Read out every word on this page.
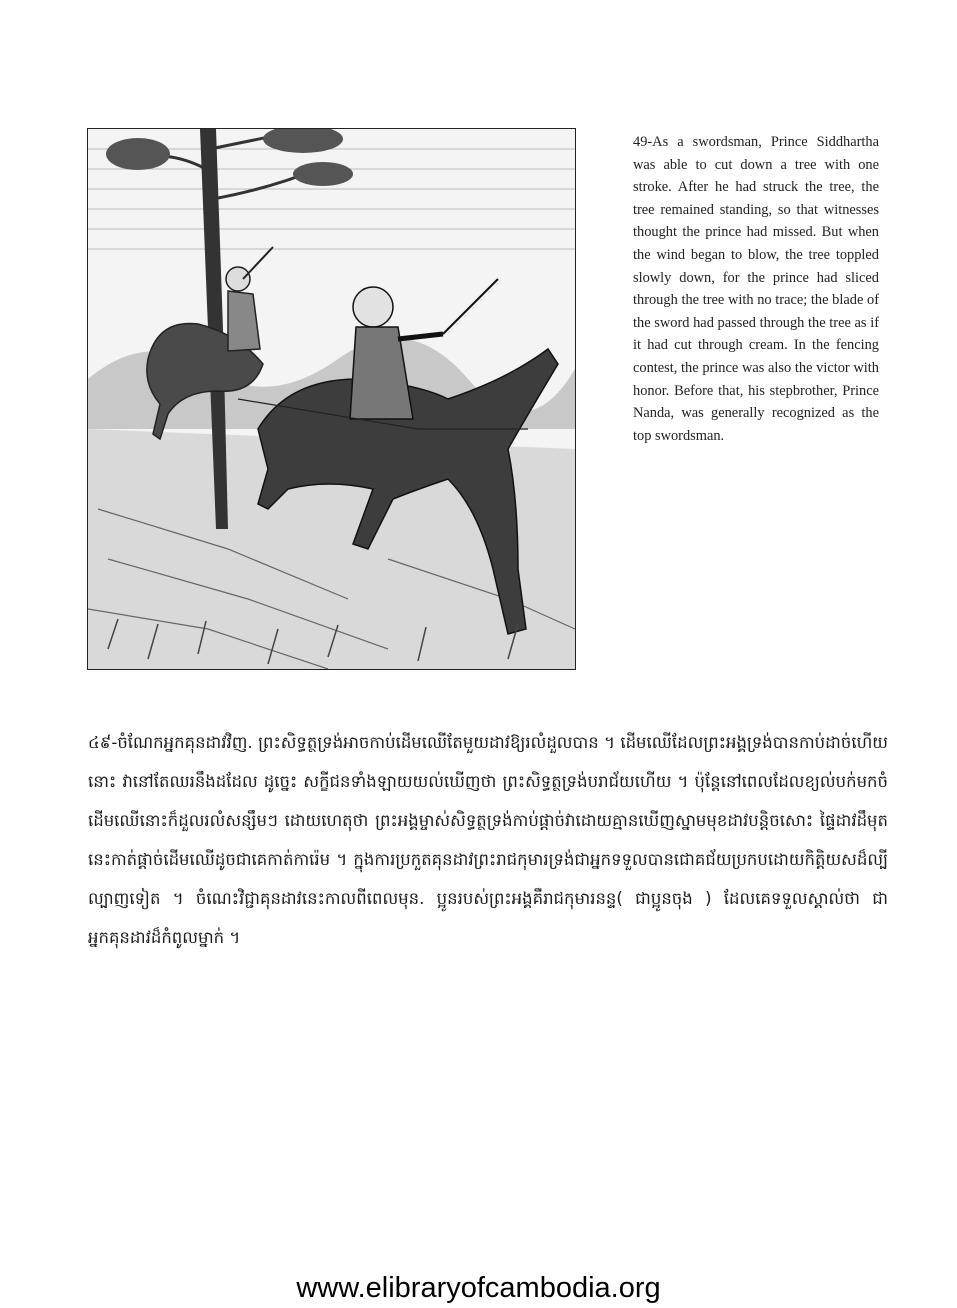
49-As a swordsman, Prince Siddhartha was able to cut down a tree with one stroke. After he had struck the tree, the tree remained standing, so that witnesses thought the prince had missed. But when the wind began to blow, the tree toppled slowly down, for the prince had sliced through the tree with no trace; the blade of the sword had passed through the tree as if it had cut through cream. In the fencing contest, the prince was also the victor with honor. Before that, his stepbrother, Prince Nanda, was generally recognized as the top swordsman.

៤៩-ចំណែកអ្នកគុនដាវវិញ. ព្រះសិទ្ធត្ថទ្រង់អាចកាប់ដើមឈើតែមួយដាវឱ្យរលំដួលបាន ។ ដើមឈើដែលព្រះអង្គទ្រង់បានកាប់ដាច់ហើយនោះ វានៅតែឈរនឹងដដែល ដូច្នេះ សក្ខីជនទាំងឡាយយល់ឃើញថា ព្រះសិទ្ធត្ថទ្រង់បរាជ័យហើយ ។ ប៉ុន្តែនៅពេលដែលខ្យល់បក់មកចំ ដើមឈើនោះក៏ដួលរលំសន្សឹមៗ ដោយហេតុថា ព្រះអង្គម្ចាស់សិទ្ធត្ថទ្រង់កាប់ផ្ដាច់វាដោយគ្មានឃើញស្នាមមុខដាវបន្តិចសោះ ផ្ទៃដាវដឹមុតនេះកាត់ផ្ដាច់ដើមឈើដូចជាគេកាត់ការ៉េម ។ ក្នុងការប្រកួតគុនដាវព្រះរាជកុមារទ្រង់ជាអ្នកទទួលបានជោគជ័យប្រកបដោយកិត្តិយសដ៏ល្បីល្បាញទៀត ។ ចំណេះវិជ្ជាគុនដាវនេះកាលពីពេលមុន. ប្អូនរបស់ព្រះអង្គគឺរាជកុមារនន្ទ( ជាប្អូនចុង ) ដែលគេទទួលស្គាល់ថា ជាអ្នកគុនដាវដ៏កំពូលម្នាក់ ។

www.elibraryofcambodia.org
